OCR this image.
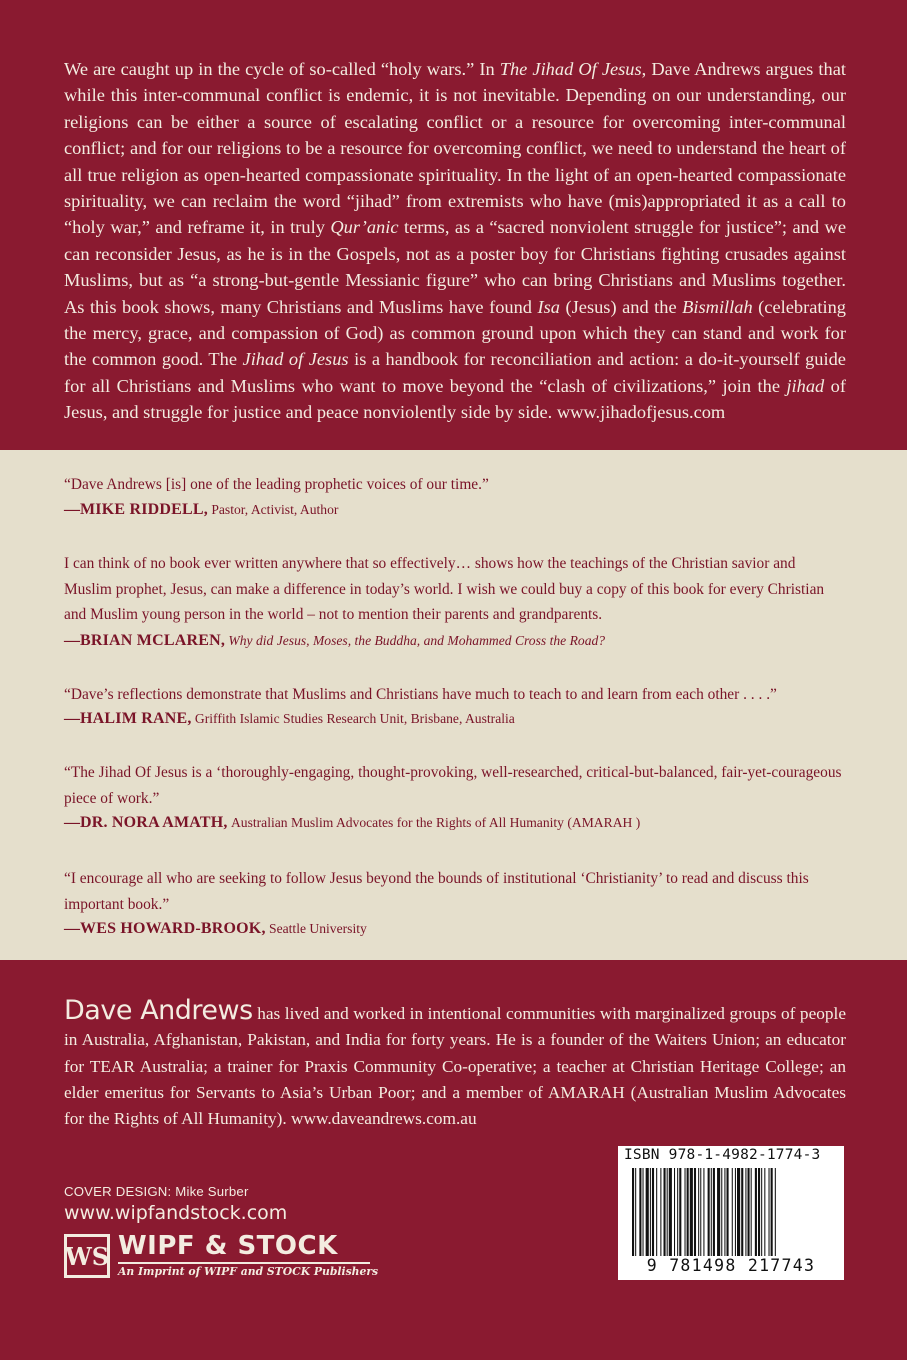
We are caught up in the cycle of so-called “holy wars.” In The Jihad Of Jesus, Dave Andrews argues that while this inter-communal conflict is endemic, it is not inevitable. Depending on our understanding, our religions can be either a source of escalating conflict or a resource for overcoming inter-communal conflict; and for our religions to be a resource for overcoming conflict, we need to understand the heart of all true religion as open-hearted compassionate spirituality. In the light of an open-hearted compassionate spirituality, we can reclaim the word “jihad” from extremists who have (mis)appropriated it as a call to “holy war,” and reframe it, in truly Qur’anic terms, as a “sacred nonviolent struggle for justice”; and we can reconsider Jesus, as he is in the Gospels, not as a poster boy for Christians fighting crusades against Muslims, but as “a strong-but-gentle Messianic figure” who can bring Christians and Muslims together. As this book shows, many Christians and Muslims have found Isa (Jesus) and the Bismillah (celebrating the mercy, grace, and compassion of God) as common ground upon which they can stand and work for the common good. The Jihad of Jesus is a handbook for reconciliation and action: a do-it-yourself guide for all Christians and Muslims who want to move beyond the “clash of civilizations,” join the jihad of Jesus, and struggle for justice and peace nonviolently side by side. www.jihadofjesus.com

“Dave Andrews [is] one of the leading prophetic voices of our time.”

—MIKE RIDDELL, Pastor, Activist, Author

I can think of no book ever written anywhere that so effectively… shows how the teachings of the Christian savior and Muslim prophet, Jesus, can make a difference in today’s world. I wish we could buy a copy of this book for every Christian and Muslim young person in the world – not to mention their parents and grandparents.

—BRIAN MCLAREN, Why did Jesus, Moses, the Buddha, and Mohammed Cross the Road?

“Dave’s reflections demonstrate that Muslims and Christians have much to teach to and learn from each other . . . .”

—HALIM RANE, Griffith Islamic Studies Research Unit, Brisbane, Australia

“The Jihad Of Jesus is a ‘thoroughly-engaging, thought-provoking, well-researched, critical-but-balanced, fair-yet-courageous piece of work.”

—DR. NORA AMATH, Australian Muslim Advocates for the Rights of All Humanity (AMARAH )

“I encourage all who are seeking to follow Jesus beyond the bounds of institutional ‘Christianity’ to read and discuss this important book.”

—WES HOWARD-BROOK, Seattle University

Dave Andrews has lived and worked in intentional communities with marginalized groups of people in Australia, Afghanistan, Pakistan, and India for forty years. He is a founder of the Waiters Union; an educator for TEAR Australia; a trainer for Praxis Community Co-operative; a teacher at Christian Heritage College; an elder emeritus for Servants to Asia’s Urban Poor; and a member of AMARAH (Australian Muslim Advocates for the Rights of All Humanity). www.daveandrews.com.au

COVER DESIGN: Mike Surber
www.wipfandstock.com
WS WIPF & STOCK
An Imprint of WIPF and STOCK Publishers
ISBN 978-1-4982-1774-3
9 781498 217743
